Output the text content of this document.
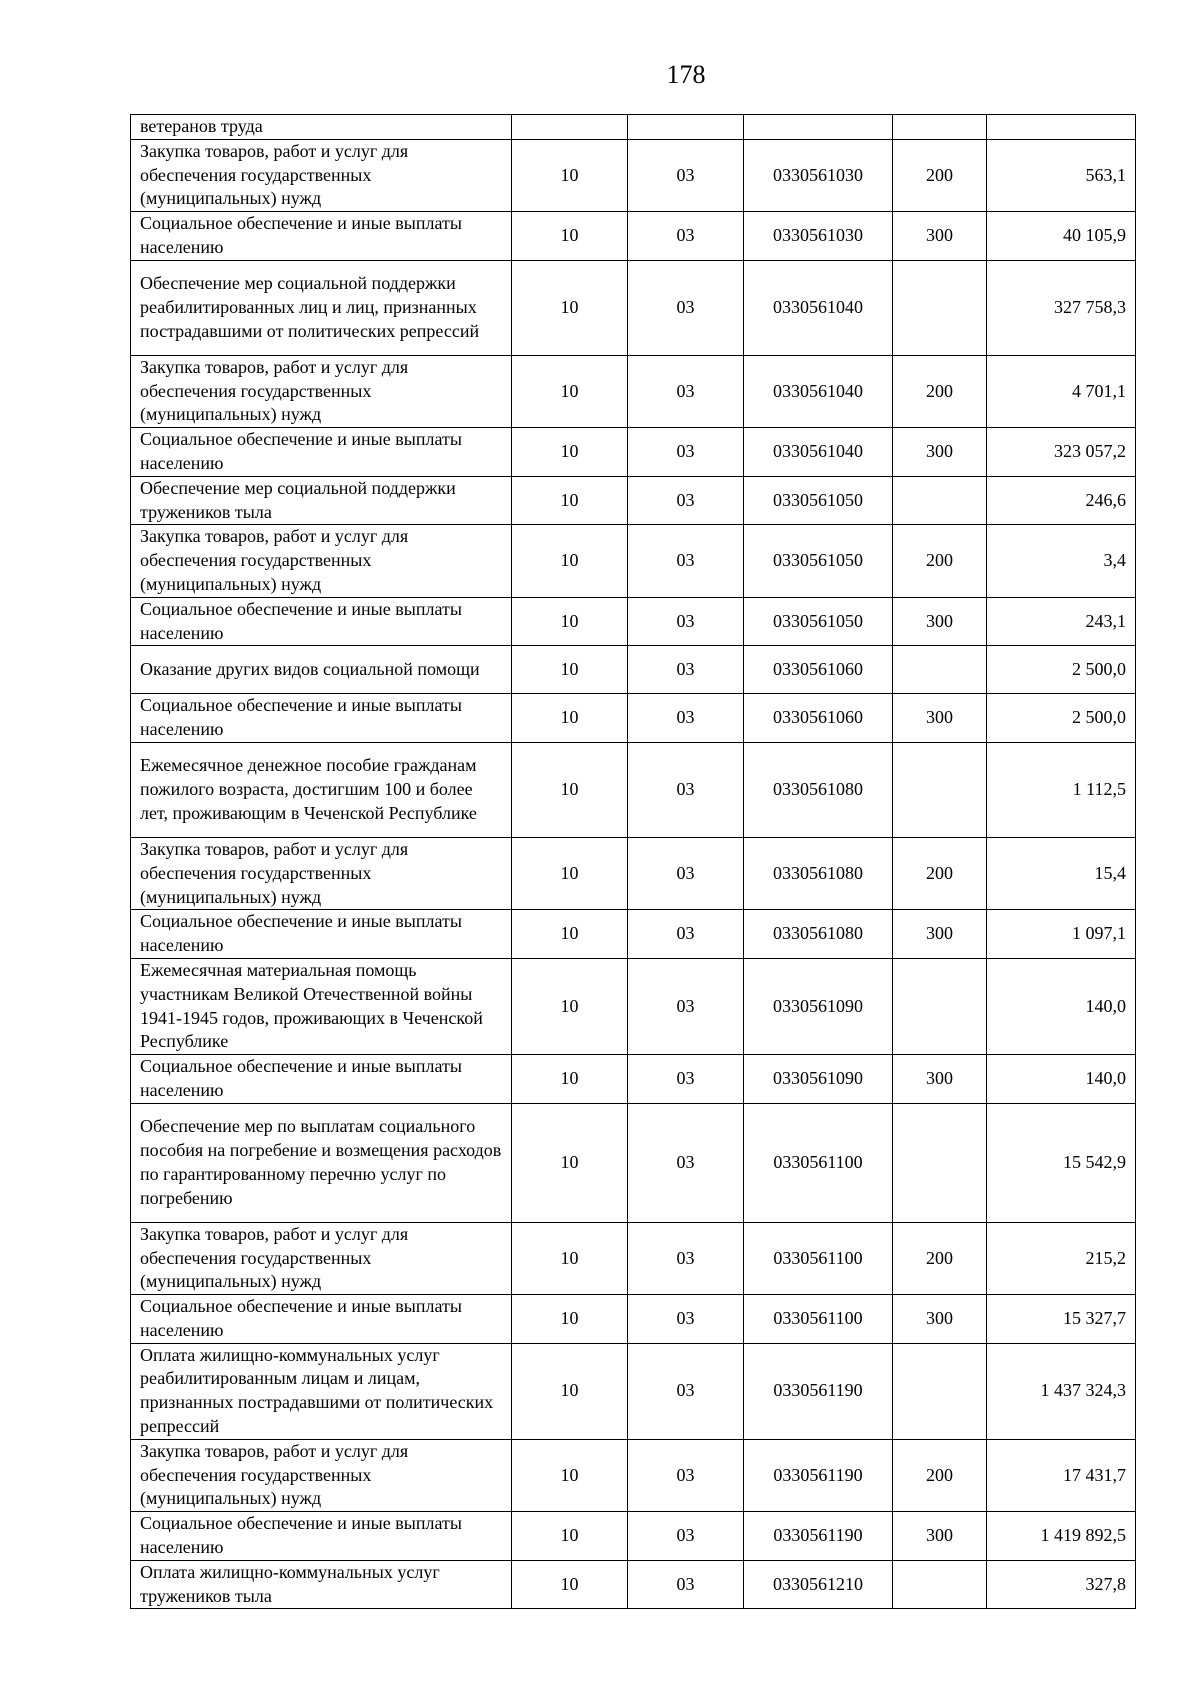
178
ветеранов труда					
Закупка товаров, работ и услуг для обеспечения государственных (муниципальных) нужд	10	03	0330561030	200	563,1
Социальное обеспечение и иные выплаты населению	10	03	0330561030	300	40 105,9
Обеспечение мер социальной поддержки реабилитированных лиц и лиц, признанных пострадавшими от политических репрессий	10	03	0330561040		327 758,3
Закупка товаров, работ и услуг для обеспечения государственных (муниципальных) нужд	10	03	0330561040	200	4 701,1
Социальное обеспечение и иные выплаты населению	10	03	0330561040	300	323 057,2
Обеспечение мер социальной поддержки тружеников тыла	10	03	0330561050		246,6
Закупка товаров, работ и услуг для обеспечения государственных (муниципальных) нужд	10	03	0330561050	200	3,4
Социальное обеспечение и иные выплаты населению	10	03	0330561050	300	243,1
Оказание других видов социальной помощи	10	03	0330561060		2 500,0
Социальное обеспечение и иные выплаты населению	10	03	0330561060	300	2 500,0
Ежемесячное денежное пособие гражданам пожилого возраста, достигшим 100 и более лет, проживающим в Чеченской Республике	10	03	0330561080		1 112,5
Закупка товаров, работ и услуг для обеспечения государственных (муниципальных) нужд	10	03	0330561080	200	15,4
Социальное обеспечение и иные выплаты населению	10	03	0330561080	300	1 097,1
Ежемесячная материальная помощь участникам Великой Отечественной войны 1941-1945 годов, проживающих в Чеченской Республике	10	03	0330561090		140,0
Социальное обеспечение и иные выплаты населению	10	03	0330561090	300	140,0
Обеспечение мер по выплатам социального пособия на погребение и возмещения расходов по гарантированному перечню услуг по погребению	10	03	0330561100		15 542,9
Закупка товаров, работ и услуг для обеспечения государственных (муниципальных) нужд	10	03	0330561100	200	215,2
Социальное обеспечение и иные выплаты населению	10	03	0330561100	300	15 327,7
Оплата жилищно-коммунальных услуг реабилитированным лицам и лицам, признанных пострадавшими от политических репрессий	10	03	0330561190		1 437 324,3
Закупка товаров, работ и услуг для обеспечения государственных (муниципальных) нужд	10	03	0330561190	200	17 431,7
Социальное обеспечение и иные выплаты населению	10	03	0330561190	300	1 419 892,5
Оплата жилищно-коммунальных услуг тружеников тыла	10	03	0330561210		327,8
